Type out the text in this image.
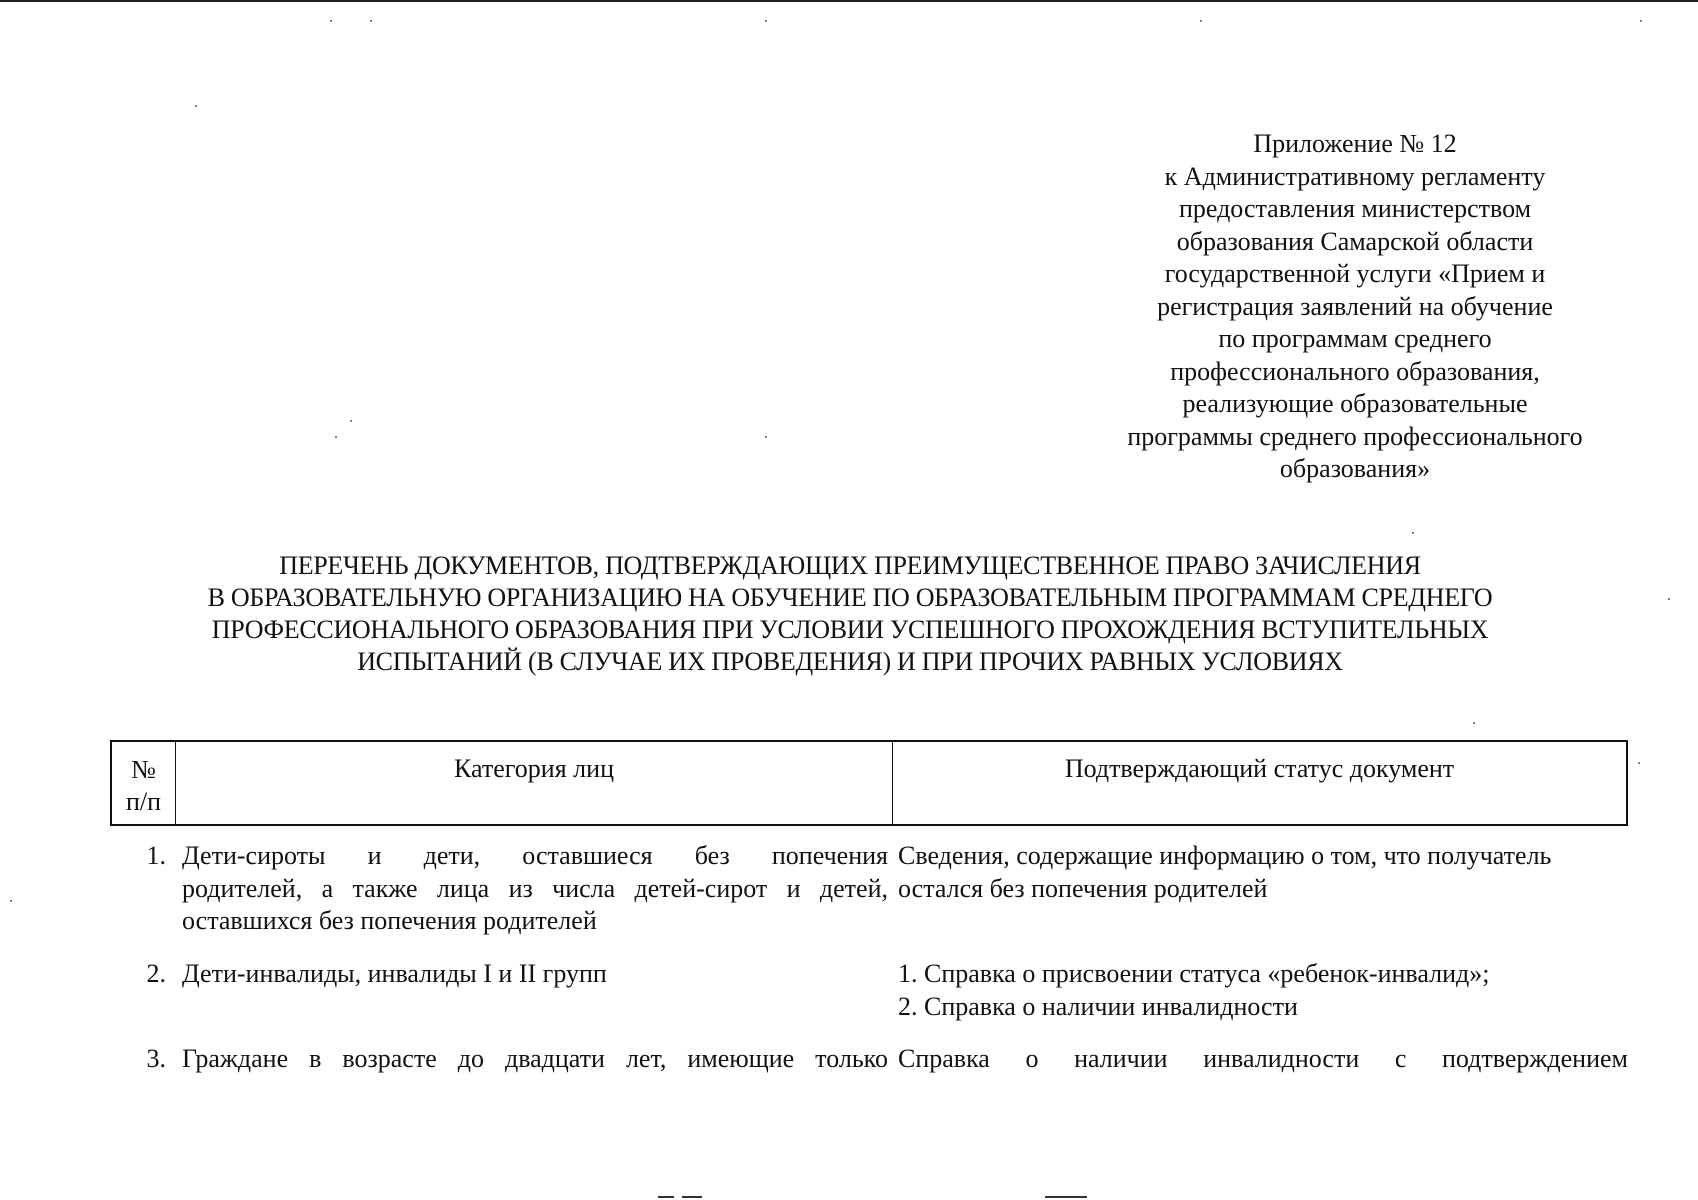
Приложение № 12
к Административному регламенту
предоставления министерством
образования Самарской области
государственной услуги «Прием и
регистрация заявлений на обучение
по программам среднего
профессионального образования,
реализующие образовательные
программы среднего профессионального
образования»
ПЕРЕЧЕНЬ ДОКУМЕНТОВ, ПОДТВЕРЖДАЮЩИХ ПРЕИМУЩЕСТВЕННОЕ ПРАВО ЗАЧИСЛЕНИЯ
В ОБРАЗОВАТЕЛЬНУЮ ОРГАНИЗАЦИЮ НА ОБУЧЕНИЕ ПО ОБРАЗОВАТЕЛЬНЫМ ПРОГРАММАМ СРЕДНЕГО
ПРОФЕССИОНАЛЬНОГО ОБРАЗОВАНИЯ ПРИ УСЛОВИИ УСПЕШНОГО ПРОХОЖДЕНИЯ ВСТУПИТЕЛЬНЫХ
ИСПЫТАНИЙ (В СЛУЧАЕ ИХ ПРОВЕДЕНИЯ) И ПРИ ПРОЧИХ РАВНЫХ УСЛОВИЯХ
№
п/п
Категория лиц	Подтверждающий статус документ
1. Дети-сироты и дети, оставшиеся без попечения
родителей, а также лица из числа детей-сирот и детей,
оставшихся без попечения родителей
Сведения, содержащие информацию о том, что получатель
остался без попечения родителей
2. Дети-инвалиды, инвалиды I и II групп	1. Справка о присвоении статуса «ребенок-инвалид»;
2. Справка о наличии инвалидности
3. Граждане в возрасте до двадцати лет, имеющие только Справка о наличии инвалидности с подтверждением
